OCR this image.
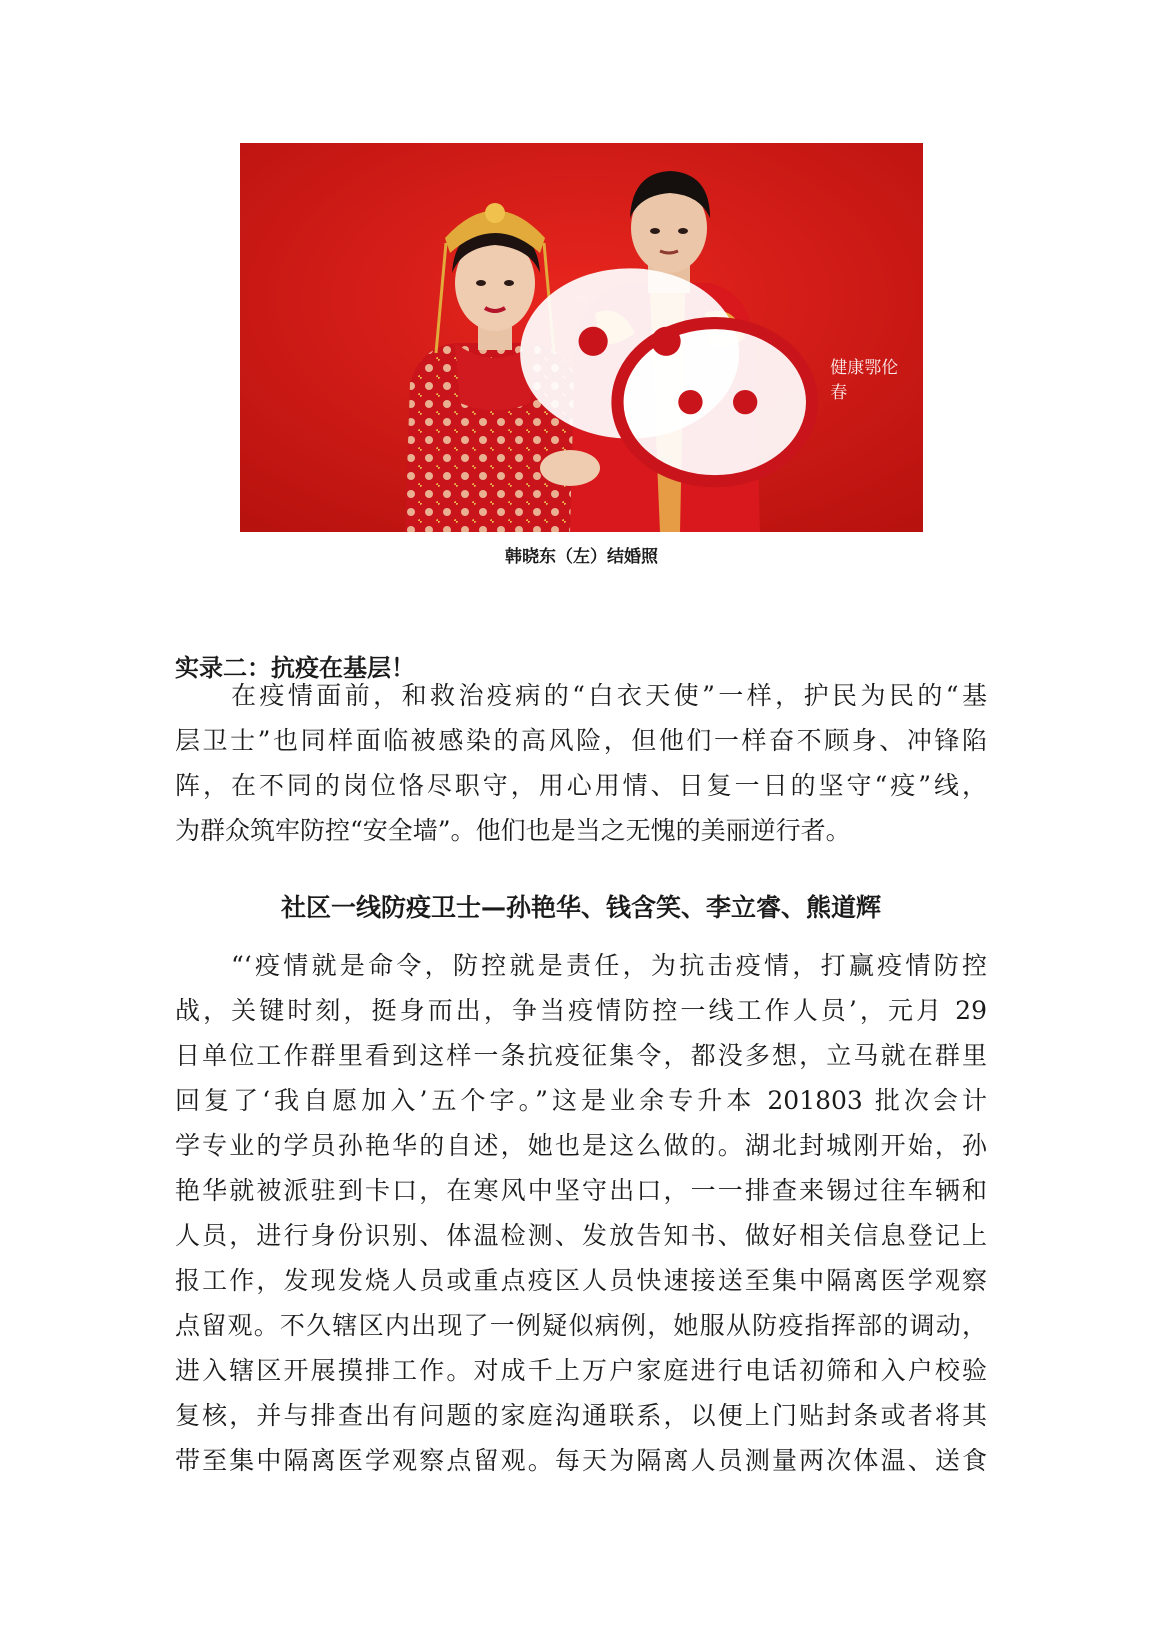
健康鄂伦春
韩晓东（左）结婚照
实录二：抗疫在基层！
在疫情面前，和救治疫病的“白衣天使”一样，护民为民的“基
层卫士”也同样面临被感染的高风险，但他们一样奋不顾身、冲锋陷
阵，在不同的岗位恪尽职守，用心用情、日复一日的坚守“疫”线，
为群众筑牢防控“安全墙”。他们也是当之无愧的美丽逆行者。
社区一线防疫卫士—孙艳华、钱含笑、李立睿、熊道辉
“‘疫情就是命令，防控就是责任，为抗击疫情，打赢疫情防控
战，关键时刻，挺身而出，争当疫情防控一线工作人员’，元月 29
日单位工作群里看到这样一条抗疫征集令，都没多想，立马就在群里
回复了‘我自愿加入’五个字。”这是业余专升本 201803 批次会计
学专业的学员孙艳华的自述，她也是这么做的。湖北封城刚开始，孙
艳华就被派驻到卡口，在寒风中坚守出口，一一排查来锡过往车辆和
人员，进行身份识别、体温检测、发放告知书、做好相关信息登记上
报工作，发现发烧人员或重点疫区人员快速接送至集中隔离医学观察
点留观。不久辖区内出现了一例疑似病例，她服从防疫指挥部的调动，
进入辖区开展摸排工作。对成千上万户家庭进行电话初筛和入户校验
复核，并与排查出有问题的家庭沟通联系，以便上门贴封条或者将其
带至集中隔离医学观察点留观。每天为隔离人员测量两次体温、送食
